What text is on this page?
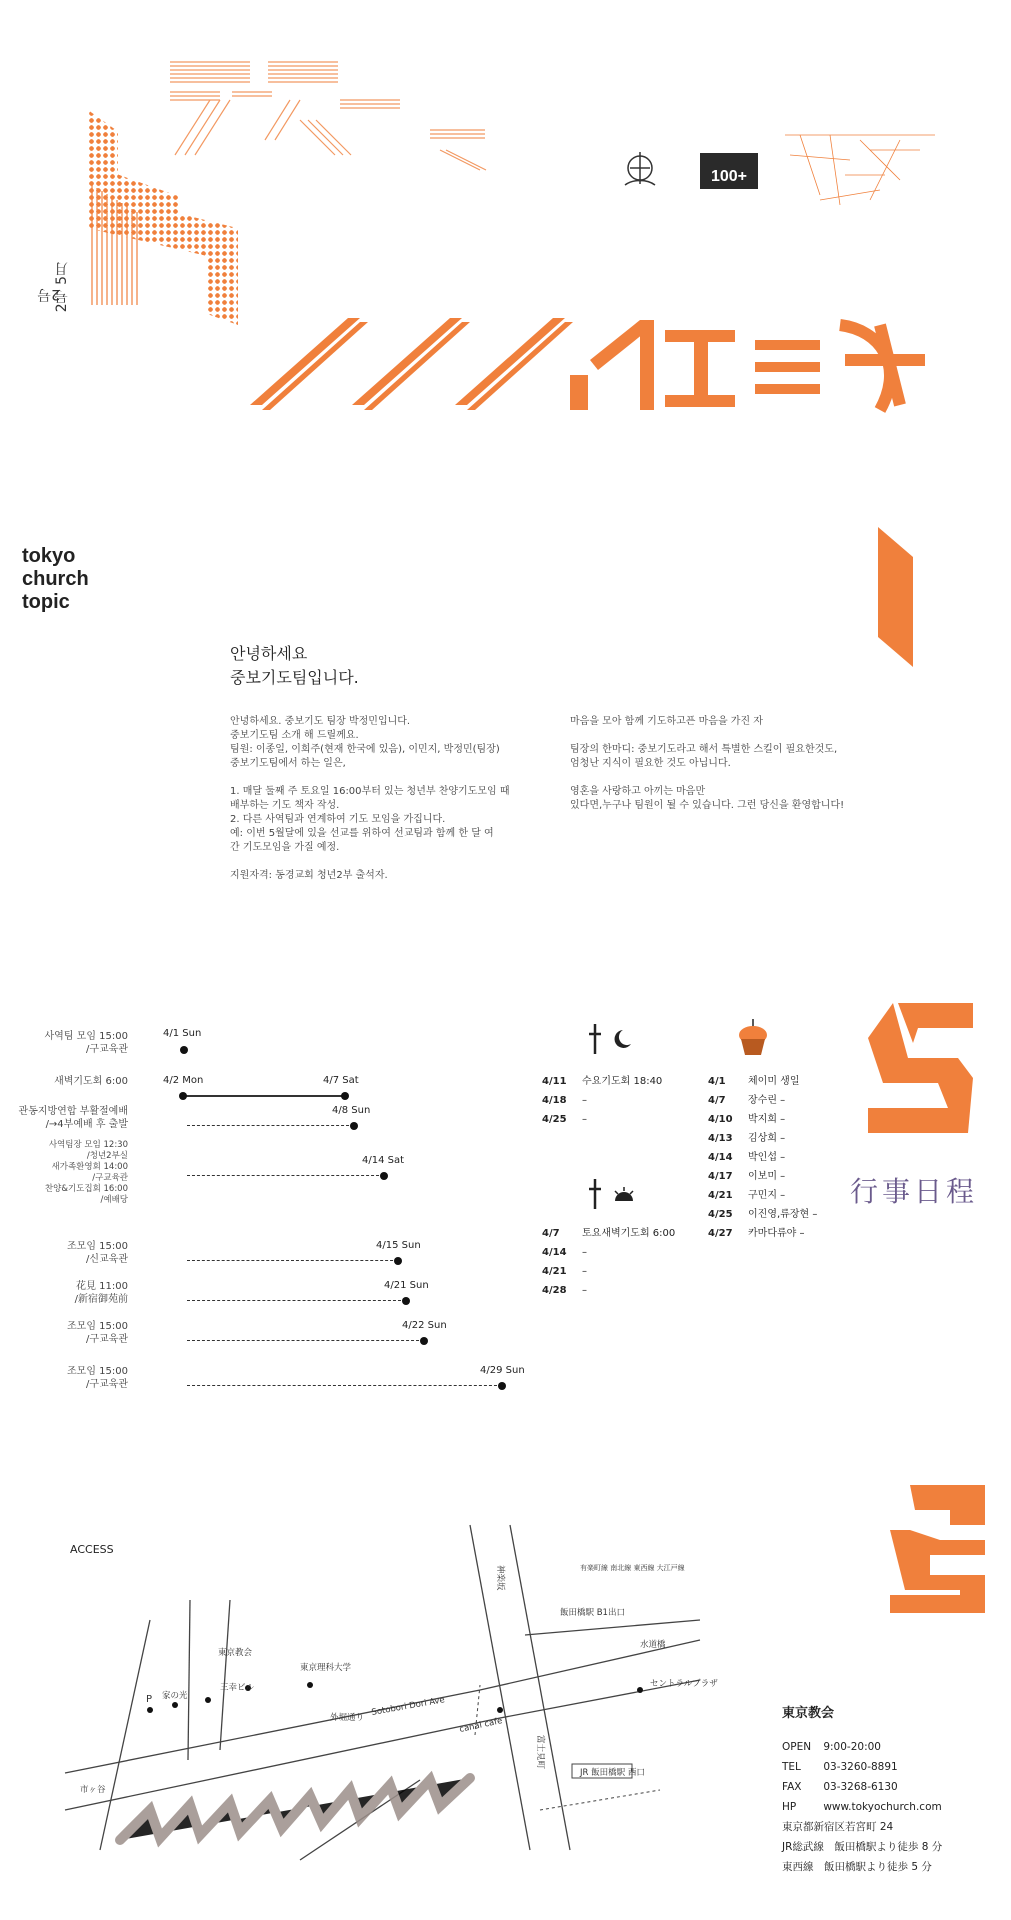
100+
2号
2号 5月
tokyo
church
topic
안녕하세요
중보기도팀입니다.
안녕하세요. 중보기도 팀장 박정민입니다.
중보기도팀 소개 해 드릴께요.
팀원: 이종일, 이희주(현재 한국에 있음), 이민지, 박정민(팀장)
중보기도팀에서 하는 일은,
1. 매달 둘째 주 토요일 16:00부터 있는 청년부 찬양기도모임 때
배부하는 기도 책자 작성.
2. 다른 사역팀과 연계하여 기도 모임을 가집니다.
예: 이번 5월달에 있을 선교를 위하여 선교팀과 함께 한 달 여
간 기도모임을 가질 예정.
지원자격: 동경교회 청년2부 출석자.
마음을 모아 함께 기도하고픈 마음을 가진 자
팀장의 한마디: 중보기도라고 해서 특별한 스킬이 필요한것도,
엄청난 지식이 필요한 것도 아닙니다.
영혼을 사랑하고 아끼는 마음만
있다면,누구나 팀원이 될 수 있습니다. 그런 당신을 환영합니다!
사역팀 모임 15:00
/구교육관
4/1 Sun
새벽기도회 6:00	4/2 Mon	4/7 Sat
관동지방연합 부활절예배
/→4부예배 후 출발
4/8 Sun
사역팀장 모임 12:30
/청년2부실
새가족환영회 14:00
/구교육관
찬양&기도집회 16:00
/예배당
4/14 Sat
조모임 15:00
/신교육관
4/15 Sun
花見 11:00
/新宿御苑前
4/21 Sun
조모임 15:00
/구교육관
4/22 Sun
조모임 15:00
/구교육관
4/29 Sun
4/11 수요기도회 18:40
4/18 –
4/25 –
4/7 토요새벽기도회 6:00
4/14 –
4/21 –
4/28 –
4/1 체이미 생일
4/7 장수린 –
4/10 박지희 –
4/13 김상희 –
4/14 박인섭 –
4/17 이보미 –
4/21 구민지 –
4/25 이진영,류장현 –
4/27 카마다류야 –
行事日程
ACCESS
神楽坂
東京教会
東京理科大学
三幸ビル
家の光
P
外堀通り
Sotobori Dori Ave
canal cafe
富士見町
セントラルプラザ
水道橋
市ヶ谷
JR 飯田橋駅 西口
飯田橋駅 B1出口
有楽町線 南北線 東西線 大江戸線
東京教会
OPEN 9:00-20:00
TEL 03-3260-8891
FAX 03-3268-6130
HP	www.tokyochurch.com
東京都新宿区若宮町 24
JR総武線　飯田橋駅より徒歩 8 分
東西線　飯田橋駅より徒歩 5 分
